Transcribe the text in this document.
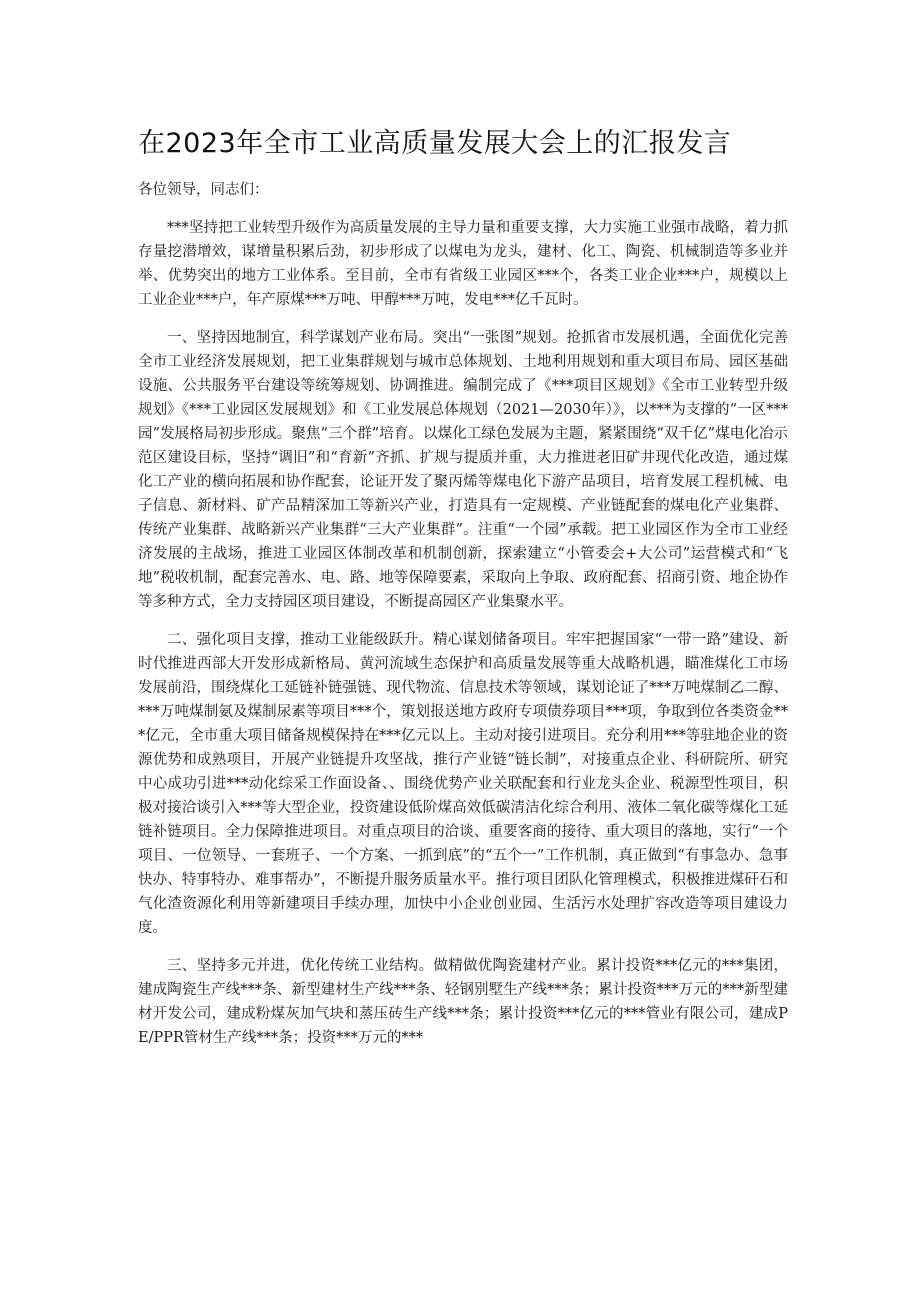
在2023年全市工业高质量发展大会上的汇报发言

各位领导，同志们：

***坚持把工业转型升级作为高质量发展的主导力量和重要支撑，大力实施工业强市战略，着力抓存量挖潜增效，谋增量积累后劲，初步形成了以煤电为龙头，建材、化工、陶瓷、机械制造等多业并举、优势突出的地方工业体系。至目前，全市有省级工业园区***个，各类工业企业***户，规模以上工业企业***户，年产原煤***万吨、甲醇***万吨，发电***亿千瓦时。

一、坚持因地制宜，科学谋划产业布局。突出“一张图”规划。抢抓省市发展机遇，全面优化完善全市工业经济发展规划，把工业集群规划与城市总体规划、土地利用规划和重大项目布局、园区基础设施、公共服务平台建设等统筹规划、协调推进。编制完成了《***项目区规划》《全市工业转型升级规划》《***工业园区发展规划》和《工业发展总体规划（2021—2030年）》，以***为支撑的“一区***园”发展格局初步形成。聚焦“三个群”培育。以煤化工绿色发展为主题，紧紧围绕“双千亿”煤电化冶示范区建设目标，坚持“调旧”和“育新”齐抓、扩规与提质并重，大力推进老旧矿井现代化改造，通过煤化工产业的横向拓展和协作配套，论证开发了聚丙烯等煤电化下游产品项目，培育发展工程机械、电子信息、新材料、矿产品精深加工等新兴产业，打造具有一定规模、产业链配套的煤电化产业集群、传统产业集群、战略新兴产业集群“三大产业集群”。注重“一个园”承载。把工业园区作为全市工业经济发展的主战场，推进工业园区体制改革和机制创新，探索建立“小管委会+大公司”运营模式和“飞地”税收机制，配套完善水、电、路、地等保障要素，采取向上争取、政府配套、招商引资、地企协作等多种方式，全力支持园区项目建设，不断提高园区产业集聚水平。

二、强化项目支撑，推动工业能级跃升。精心谋划储备项目。牢牢把握国家“一带一路”建设、新时代推进西部大开发形成新格局、黄河流域生态保护和高质量发展等重大战略机遇，瞄准煤化工市场发展前沿，围绕煤化工延链补链强链、现代物流、信息技术等领域，谋划论证了***万吨煤制乙二醇、***万吨煤制氨及煤制尿素等项目***个，策划报送地方政府专项债券项目***项，争取到位各类资金***亿元，全市重大项目储备规模保持在***亿元以上。主动对接引进项目。充分利用***等驻地企业的资源优势和成熟项目，开展产业链提升攻坚战，推行产业链“链长制”，对接重点企业、科研院所、研究中心成功引进***动化综采工作面设备、、围绕优势产业关联配套和行业龙头企业、税源型性项目，积极对接洽谈引入***等大型企业，投资建设低阶煤高效低碳清洁化综合利用、液体二氧化碳等煤化工延链补链项目。全力保障推进项目。对重点项目的洽谈、重要客商的接待、重大项目的落地，实行“一个项目、一位领导、一套班子、一个方案、一抓到底”的“五个一”工作机制，真正做到“有事急办、急事快办、特事特办、难事帮办”，不断提升服务质量水平。推行项目团队化管理模式，积极推进煤矸石和气化渣资源化利用等新建项目手续办理，加快中小企业创业园、生活污水处理扩容改造等项目建设力度。

三、坚持多元并进，优化传统工业结构。做精做优陶瓷建材产业。累计投资***亿元的***集团，建成陶瓷生产线***条、新型建材生产线***条、轻钢别墅生产线***条；累计投资***万元的***新型建材开发公司，建成粉煤灰加气块和蒸压砖生产线***条；累计投资***亿元的***管业有限公司，建成PE/PPR管材生产线***条；投资***万元的***
